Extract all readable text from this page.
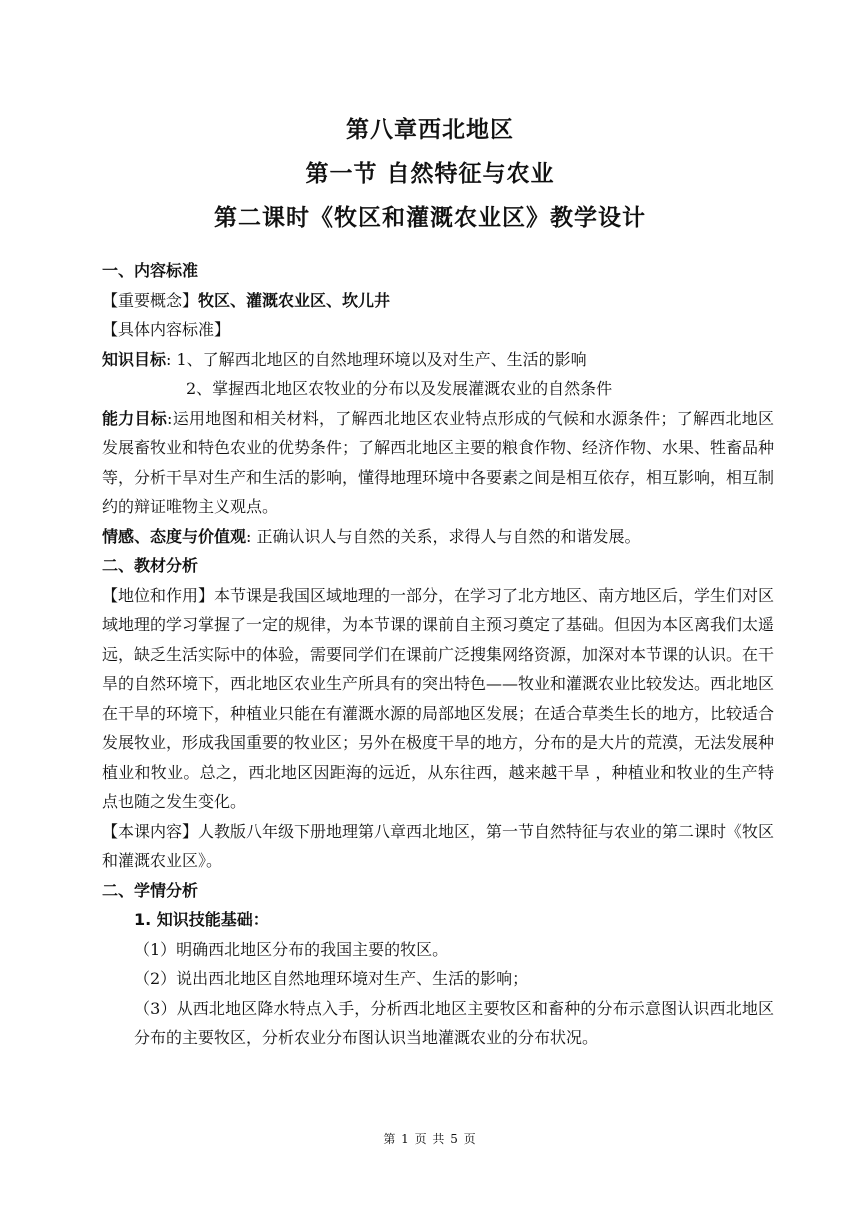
第八章西北地区

第一节 自然特征与农业

第二课时《牧区和灌溉农业区》教学设计

一、内容标准

【重要概念】牧区、灌溉农业区、坎儿井

【具体内容标准】

知识目标: 1、了解西北地区的自然地理环境以及对生产、生活的影响

2、掌握西北地区农牧业的分布以及发展灌溉农业的自然条件

能力目标:运用地图和相关材料，了解西北地区农业特点形成的气候和水源条件；了解西北地区发展畜牧业和特色农业的优势条件；了解西北地区主要的粮食作物、经济作物、水果、牲畜品种等，分析干旱对生产和生活的影响，懂得地理环境中各要素之间是相互依存，相互影响，相互制约的辩证唯物主义观点。

情感、态度与价值观: 正确认识人与自然的关系，求得人与自然的和谐发展。

二、教材分析

【地位和作用】本节课是我国区域地理的一部分，在学习了北方地区、南方地区后，学生们对区域地理的学习掌握了一定的规律，为本节课的课前自主预习奠定了基础。但因为本区离我们太遥远，缺乏生活实际中的体验，需要同学们在课前广泛搜集网络资源，加深对本节课的认识。在干旱的自然环境下，西北地区农业生产所具有的突出特色——牧业和灌溉农业比较发达。西北地区在干旱的环境下，种植业只能在有灌溉水源的局部地区发展；在适合草类生长的地方，比较适合发展牧业，形成我国重要的牧业区；另外在极度干旱的地方，分布的是大片的荒漠，无法发展种植业和牧业。总之，西北地区因距海的远近，从东往西，越来越干旱 ，种植业和牧业的生产特点也随之发生变化。

【本课内容】人教版八年级下册地理第八章西北地区，第一节自然特征与农业的第二课时《牧区和灌溉农业区》。

二、学情分析

1. 知识技能基础：

（1）明确西北地区分布的我国主要的牧区。

（2）说出西北地区自然地理环境对生产、生活的影响；

（3）从西北地区降水特点入手，分析西北地区主要牧区和畜种的分布示意图认识西北地区分布的主要牧区，分析农业分布图认识当地灌溉农业的分布状况。

第 1 页 共 5 页
